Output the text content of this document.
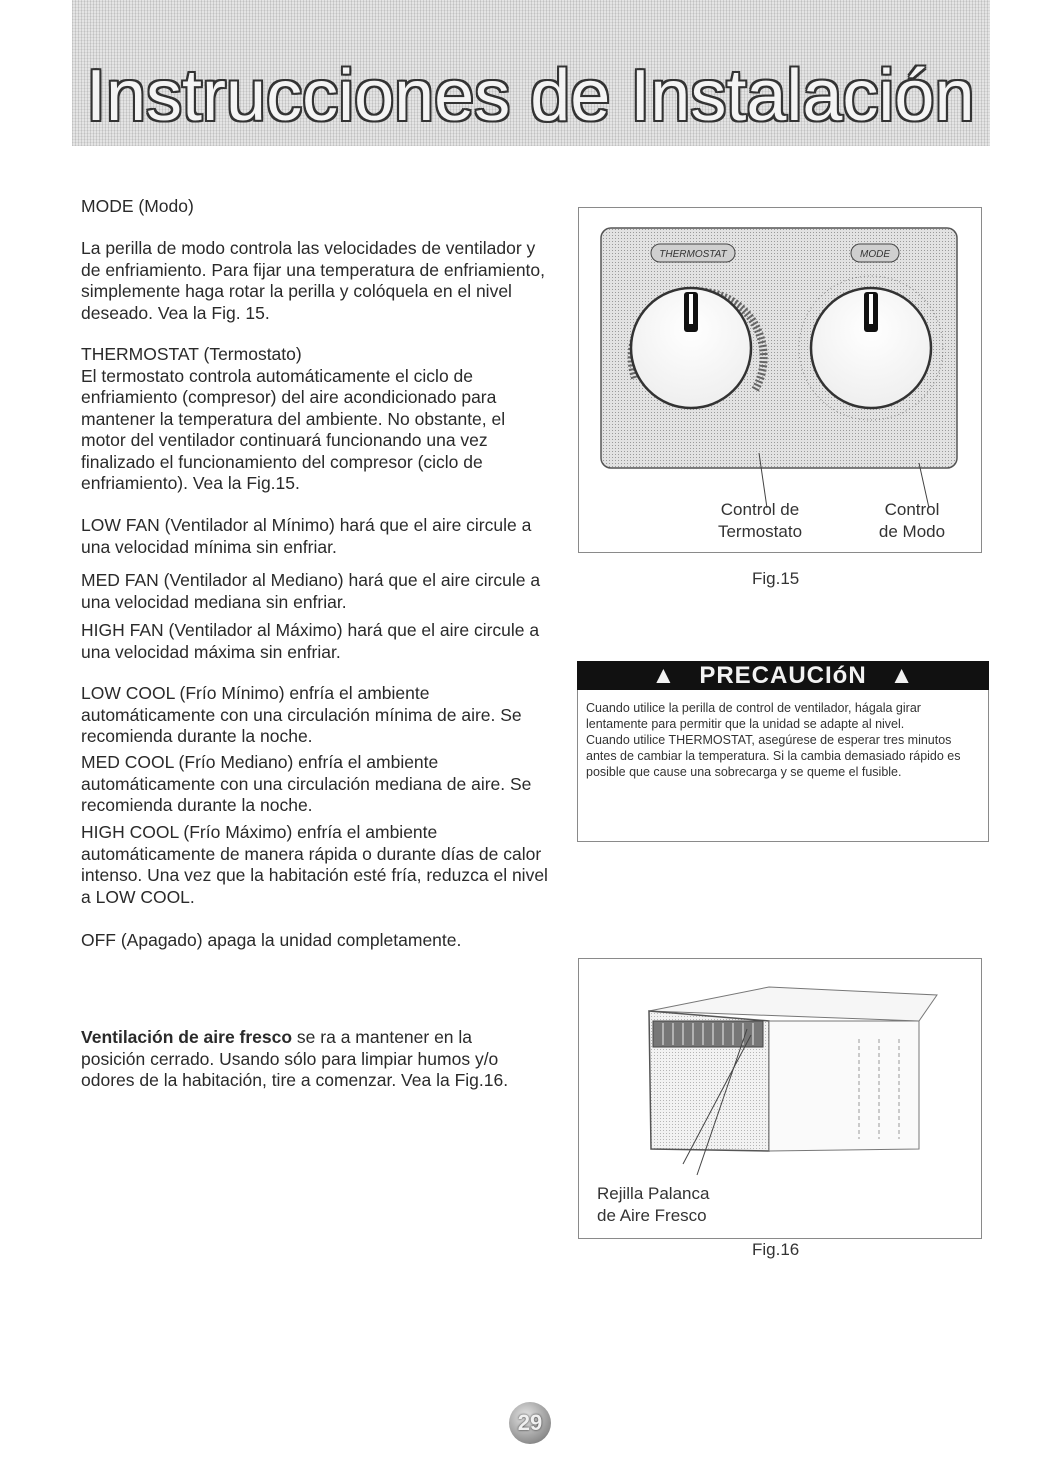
Instrucciones de Instalación

MODE (Modo)

La perilla de modo controla las velocidades de ventilador y de enfriamiento. Para fijar una temperatura de enfriamiento, simplemente haga rotar la perilla y colóquela en el nivel deseado. Vea la Fig. 15.

THERMOSTAT (Termostato)

El termostato controla automáticamente el ciclo de enfriamiento (compresor) del aire acondicionado para mantener la temperatura del ambiente. No obstante, el motor del ventilador continuará funcionando una vez finalizado el funcionamiento del compresor (ciclo de enfriamiento). Vea la Fig.15.

LOW FAN (Ventilador al Mínimo) hará que el aire circule a una velocidad mínima sin enfriar.

MED FAN (Ventilador al Mediano) hará que el aire circule a una velocidad mediana sin enfriar.

HIGH FAN (Ventilador al Máximo) hará que el aire circule a una velocidad máxima sin enfriar.

LOW COOL (Frío Mínimo) enfría el ambiente automáticamente con una circulación mínima de aire. Se recomienda durante la noche.

MED COOL (Frío Mediano) enfría el ambiente automáticamente con una circulación mediana de aire. Se recomienda durante la noche.

HIGH COOL (Frío Máximo) enfría el ambiente automáticamente de manera rápida o durante días de calor intenso. Una vez que la habitación esté fría, reduzca el nivel a LOW COOL.

OFF (Apagado) apaga la unidad completamente.

Ventilación de aire fresco se ra a mantener en la posición cerrado. Usando sólo para limpiar humos y/o odores de la habitación, tire a comenzar. Vea la Fig.16.

THERMOSTAT	MODE
Control de
Termostato
Control
de Modo
Fig.15
▲ PRECAUCIóN ▲

Cuando utilice la perilla de control de ventilador, hágala girar lentamente para permitir que la unidad se adapte al nivel.

Cuando utilice THERMOSTAT, asegúrese de esperar tres minutos antes de cambiar la temperatura. Si la cambia demasiado rápido es posible que cause una sobrecarga y se queme el fusible.

Rejilla Palanca
de Aire Fresco
Fig.16
29
